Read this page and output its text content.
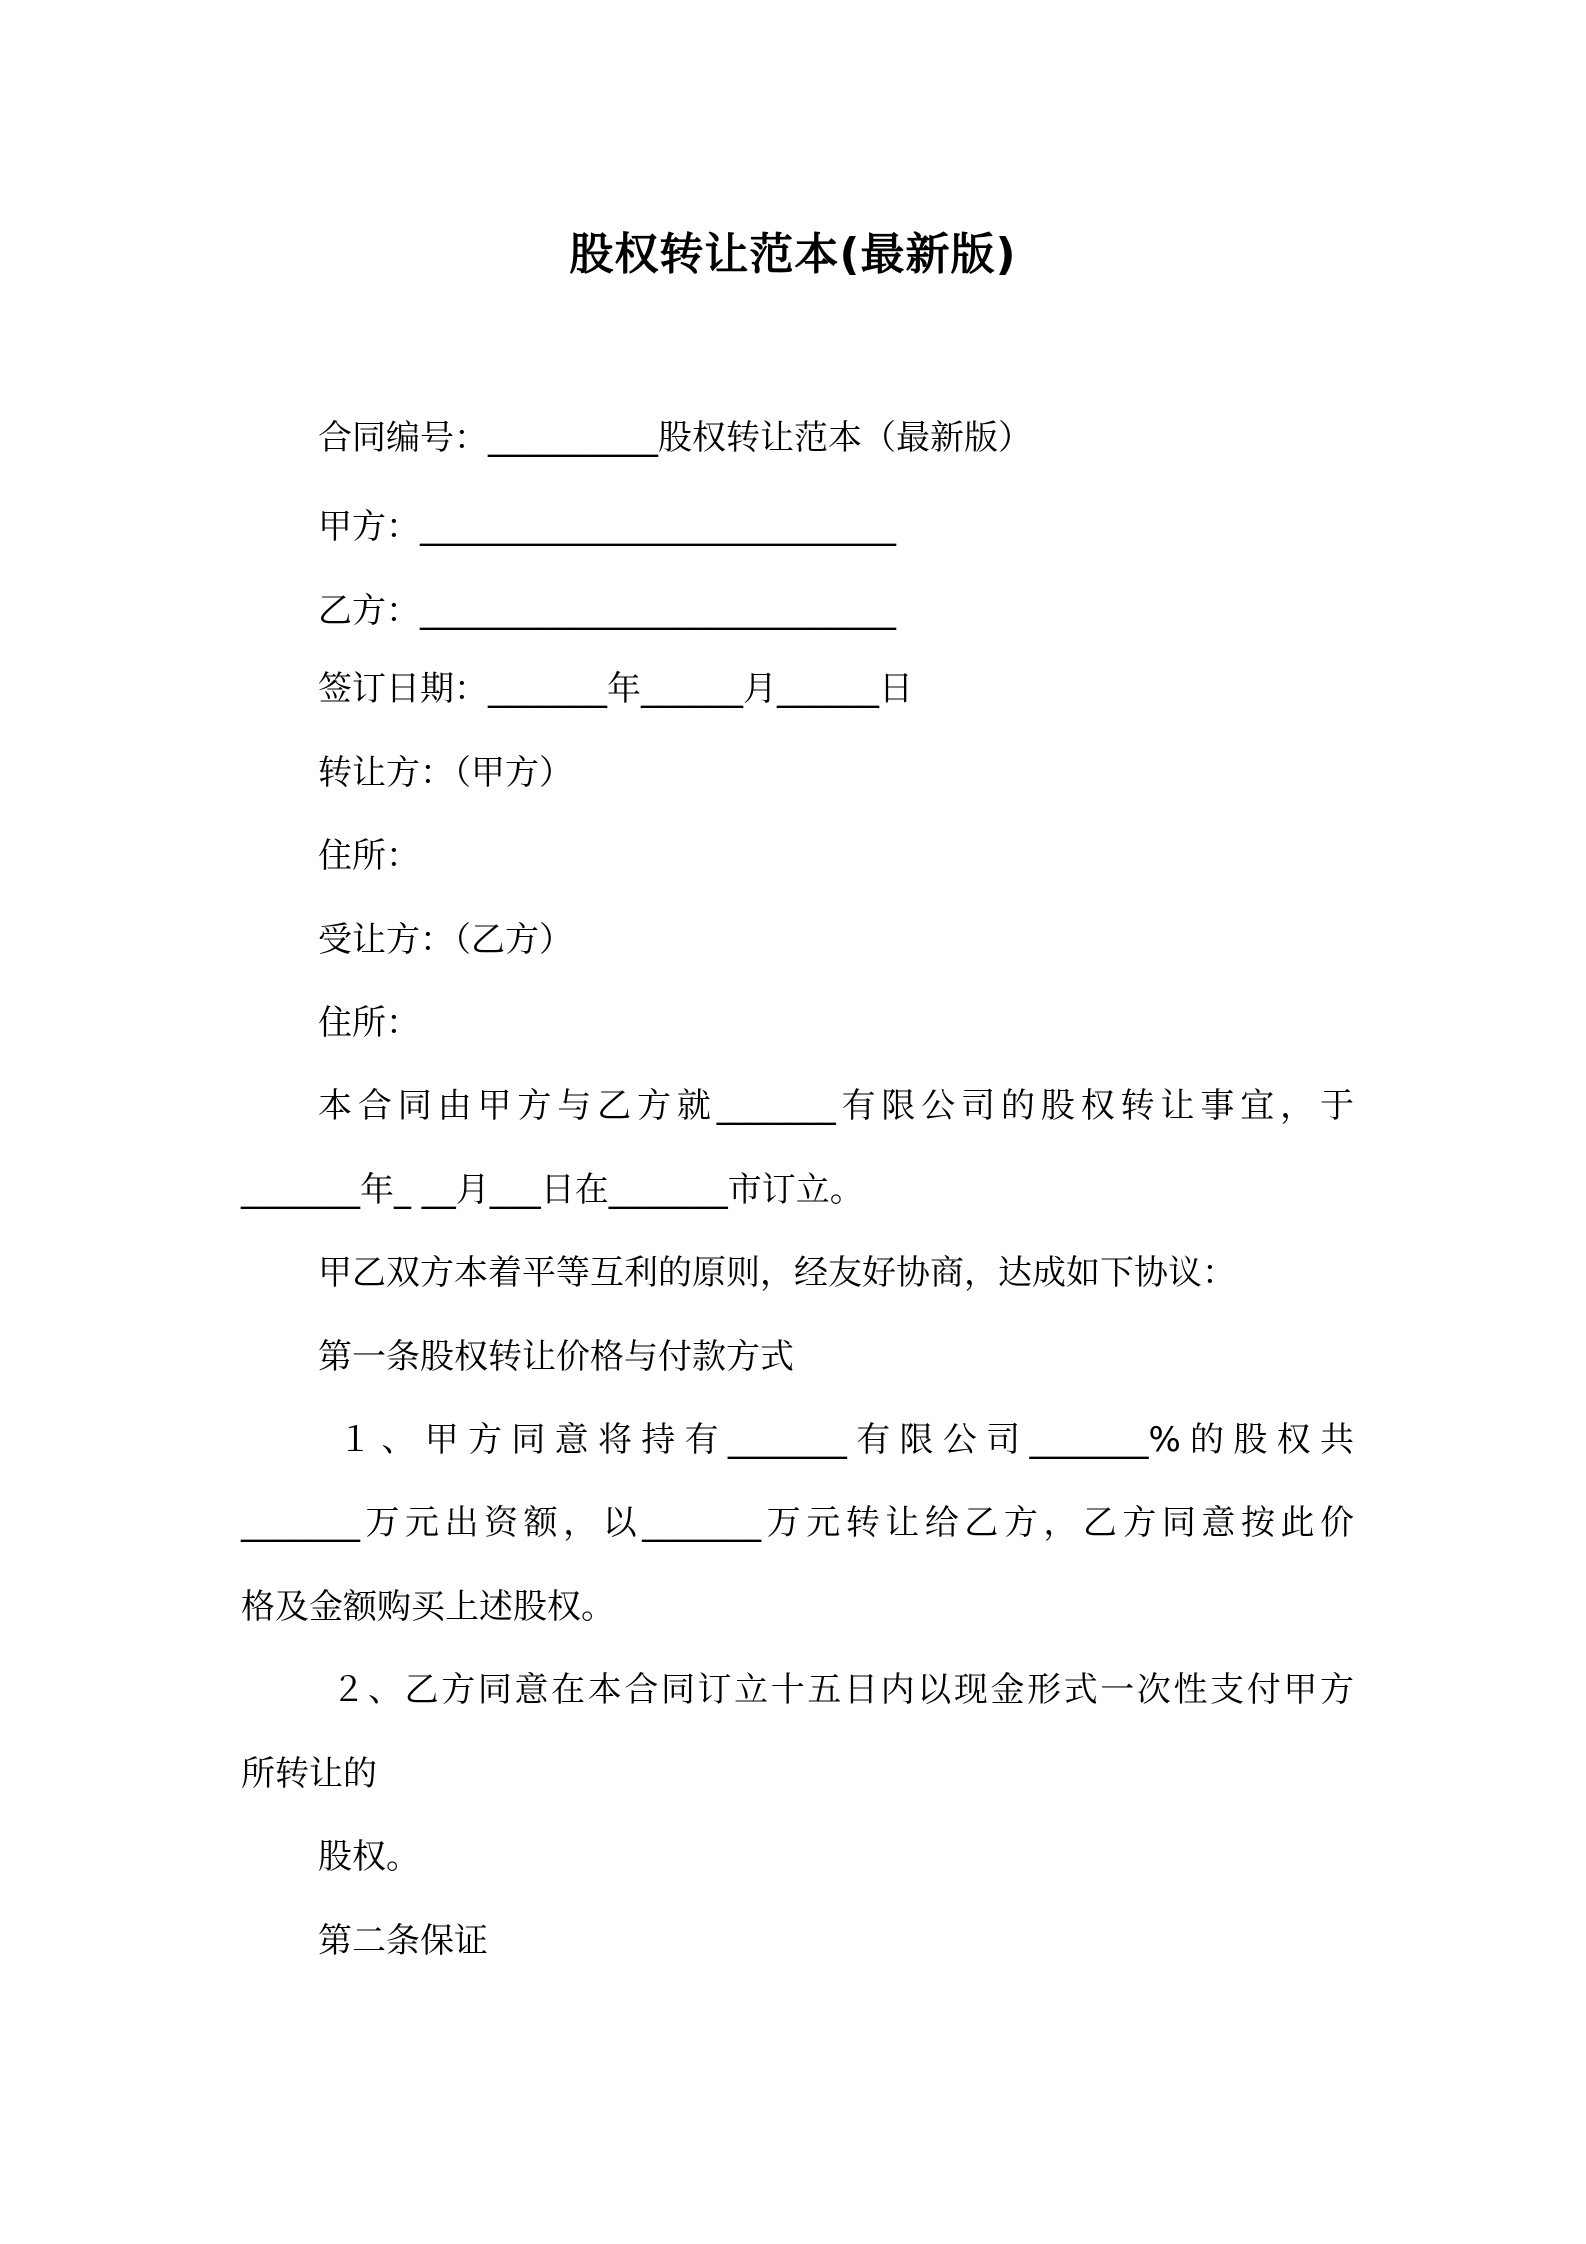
股权转让范本(最新版)
合同编号：__________股权转让范本（最新版）
甲方：____________________________
乙方：____________________________
签订日期：_______年______月______日
转让方：（甲方）
住所：
受让方：（乙方）
住所：
本合同由甲方与乙方就_______有限公司的股权转让事宜，于
_______年_ __月___日在_______市订立。
甲乙双方本着平等互利的原则，经友好协商，达成如下协议：
第一条股权转让价格与付款方式
１、甲方同意将持有_______有限公司_______%的股权共
_______万元出资额，以_______万元转让给乙方，乙方同意按此价
格及金额购买上述股权。
２、乙方同意在本合同订立十五日内以现金形式一次性支付甲方
所转让的
股权。
第二条保证
